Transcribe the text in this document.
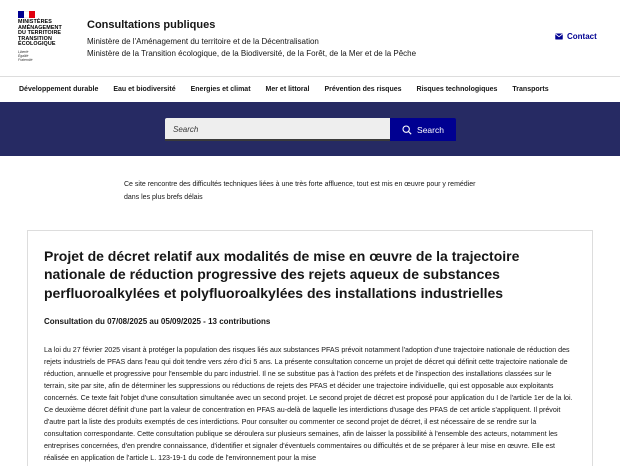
MINISTÈRES
AMÉNAGEMENT
DU TERRITOIRE
TRANSITION
ÉCOLOGIQUE
Liberté
Égalité
Fraternité
Consultations publiques
Ministère de l'Aménagement du territoire et de la Décentralisation
Ministère de la Transition écologique, de la Biodiversité, de la Forêt, de la Mer et de la Pêche
Contact
Développement durable Eau et biodiversité Energies et climat Mer et littoral Prévention des risques Risques technologiques Transports
Search
Search

Ce site rencontre des difficultés techniques liées à une très forte affluence, tout est mis en œuvre pour y remédier dans les plus brefs délais

Projet de décret relatif aux modalités de mise en œuvre de la trajectoire nationale de réduction progressive des rejets aqueux de substances perfluoroalkylées et polyfluoroalkylées des installations industrielles
Consultation du 07/08/2025 au 05/09/2025 - 13 contributions

La loi du 27 février 2025 visant à protéger la population des risques liés aux substances PFAS prévoit notamment l'adoption d'une trajectoire nationale de réduction des rejets industriels de PFAS dans l'eau qui doit tendre vers zéro d'ici 5 ans. La présente consultation concerne un projet de décret qui définit cette trajectoire nationale de réduction, annuelle et progressive pour l'ensemble du parc industriel. Il ne se substitue pas à l'action des préfets et de l'inspection des installations classées sur le terrain, site par site, afin de déterminer les suppressions ou réductions de rejets des PFAS et décider une trajectoire individuelle, qui est opposable aux exploitants concernés. Ce texte fait l'objet d'une consultation simultanée avec un second projet. Le second projet de décret est proposé pour application du I de l'article 1er de la loi. Ce deuxième décret définit d'une part la valeur de concentration en PFAS au-delà de laquelle les interdictions d'usage des PFAS de cet article s'appliquent. Il prévoit d'autre part la liste des produits exemptés de ces interdictions. Pour consulter ou commenter ce second projet de décret, il est nécessaire de se rendre sur la consultation correspondante. Cette consultation publique se déroulera sur plusieurs semaines, afin de laisser la possibilité à l'ensemble des acteurs, notamment les entreprises concernées, d'en prendre connaissance, d'identifier et signaler d'éventuels commentaires ou difficultés et de se préparer à leur mise en œuvre. Elle est réalisée en application de l'article L. 123-19-1 du code de l'environnement pour la mise
